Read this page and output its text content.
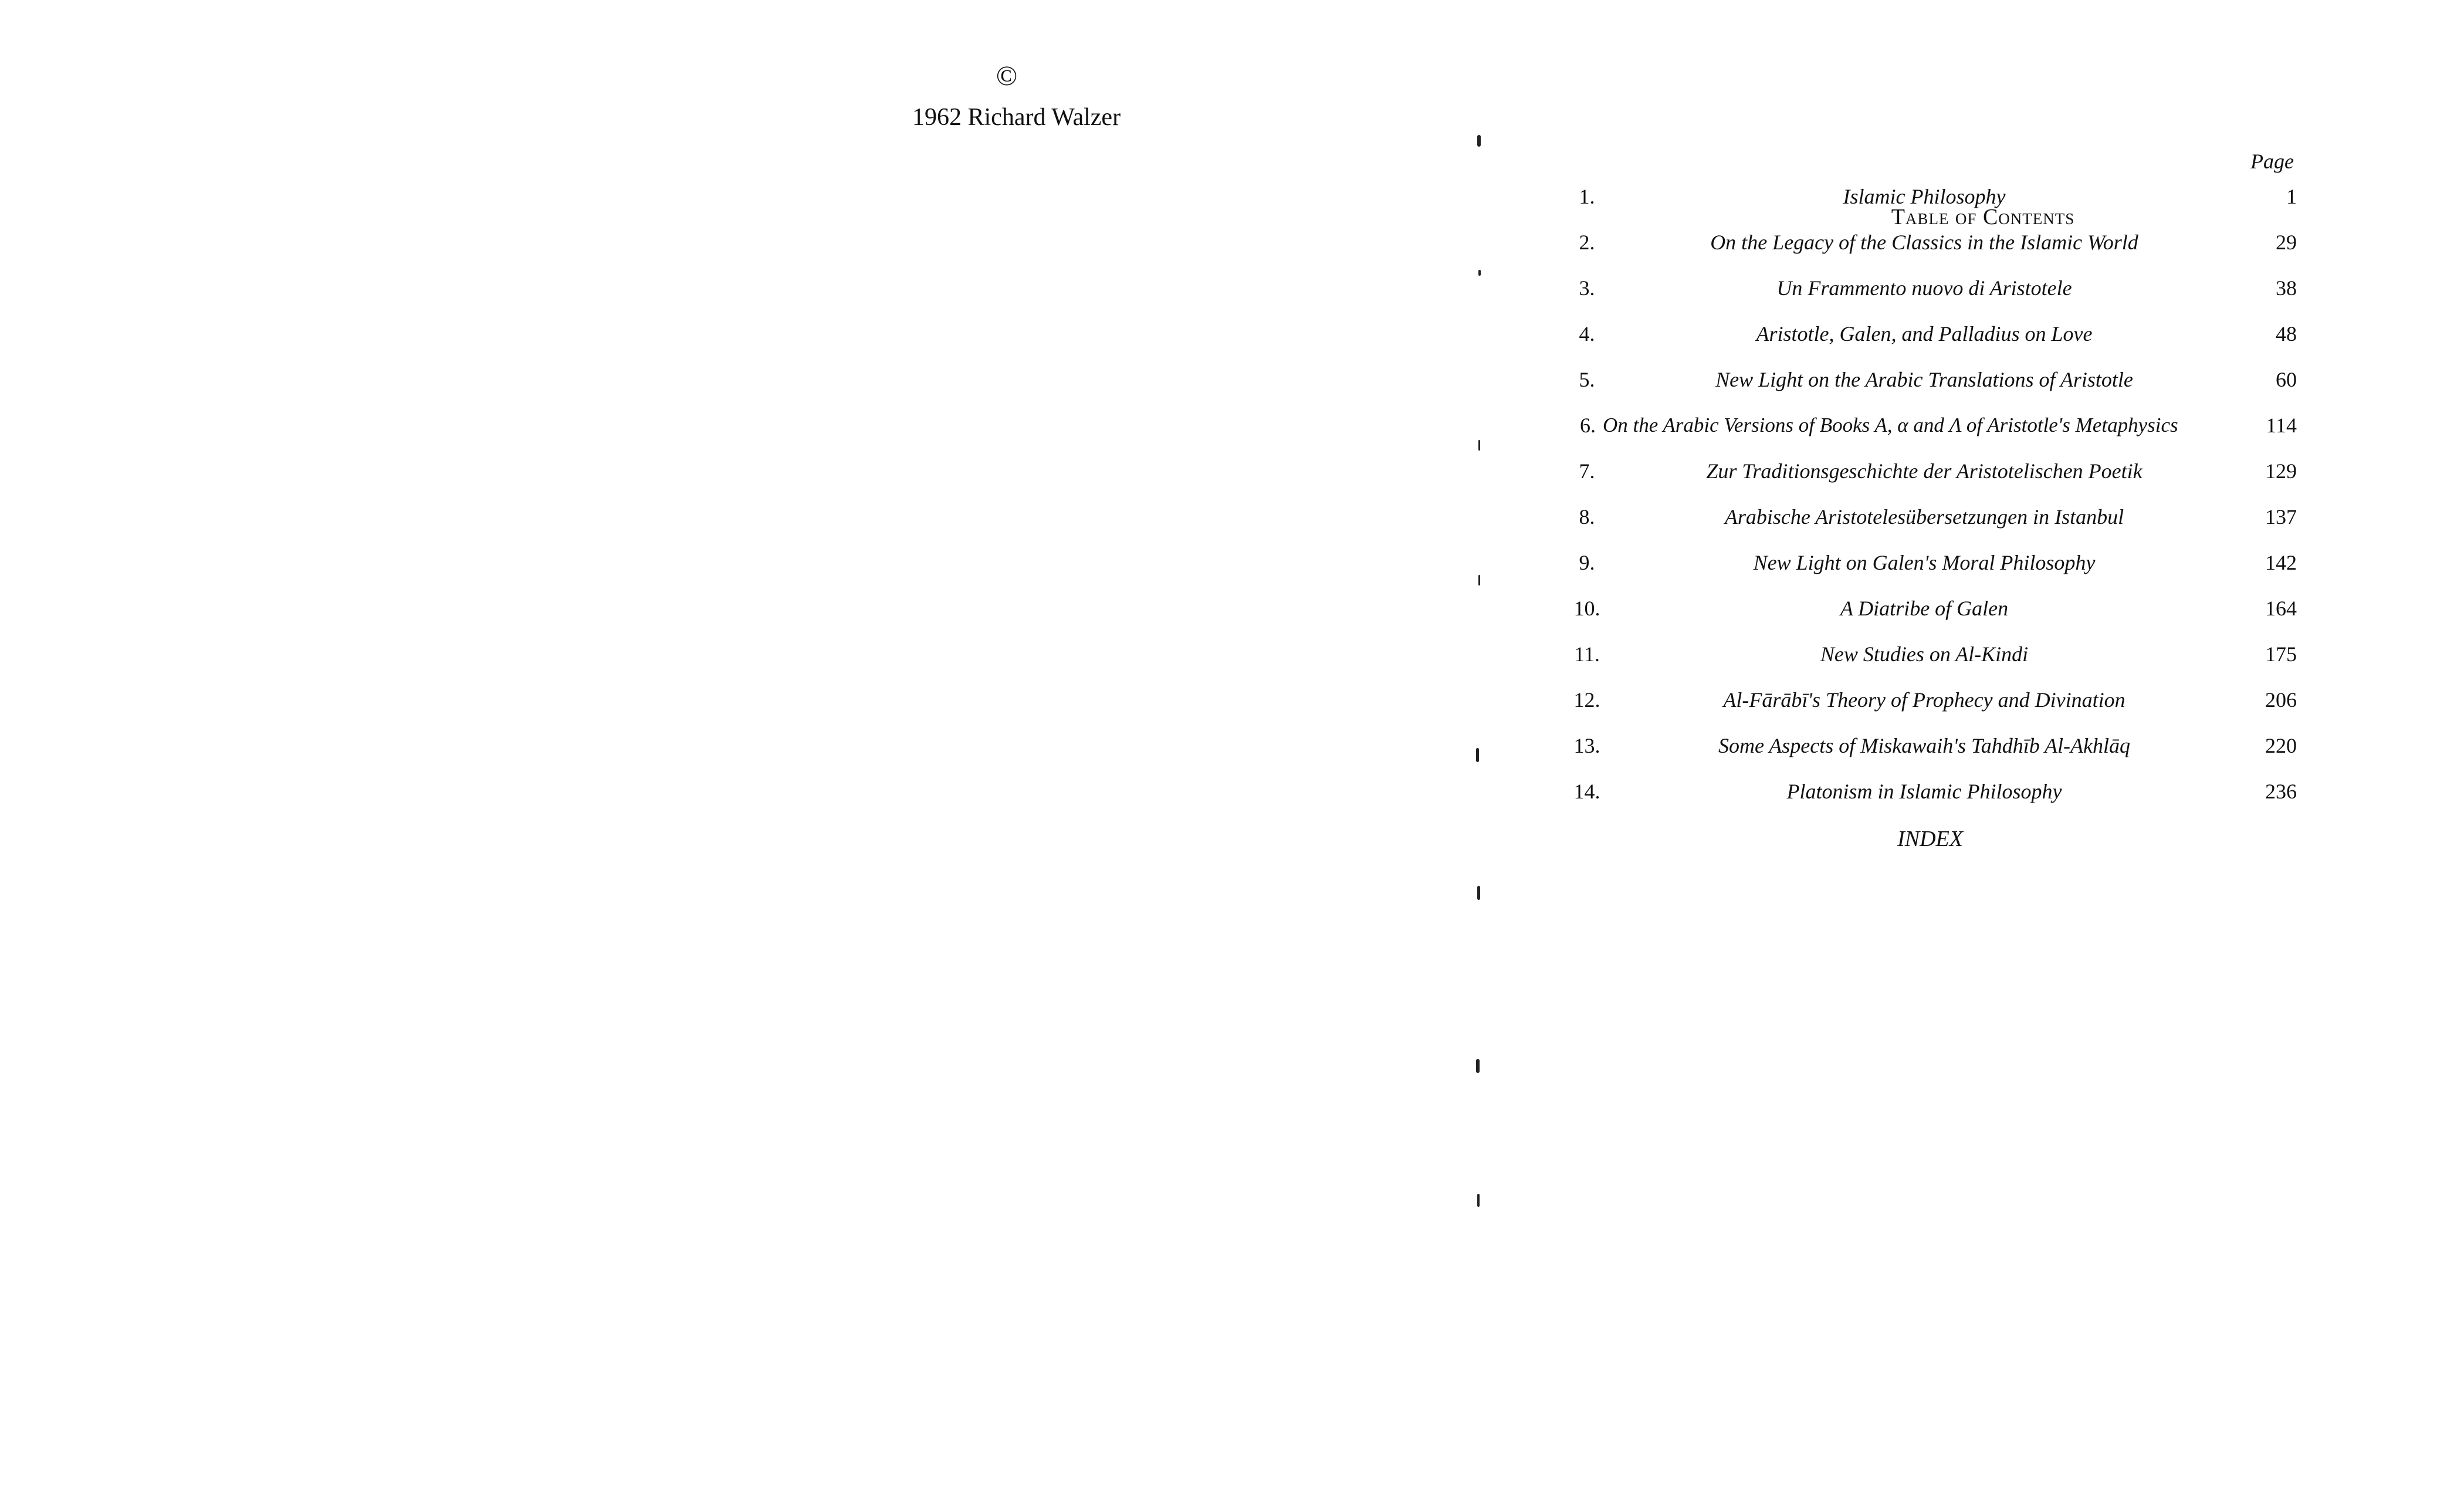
©
1962 Richard Walzer
Table of Contents
Page
1.	Islamic Philosophy	1
2.	On the Legacy of the Classics in the Islamic World	29
3.	Un Frammento nuovo di Aristotele	38
4.	Aristotle, Galen, and Palladius on Love	48
5.	New Light on the Arabic Translations of Aristotle	60
6. On the Arabic Versions of Books A, α and Λ of Aristotle's Metaphysics	114
7.	Zur Traditionsgeschichte der Aristotelischen Poetik	129
8.	Arabische Aristotelesübersetzungen in Istanbul	137
9.	New Light on Galen's Moral Philosophy	142
10.	A Diatribe of Galen	164
11.	New Studies on Al-Kindi	175
12.	Al-Fārābī's Theory of Prophecy and Divination	206
13.	Some Aspects of Miskawaih's Tahdhīb Al-Akhlāq	220
14.	Platonism in Islamic Philosophy	236
INDEX
